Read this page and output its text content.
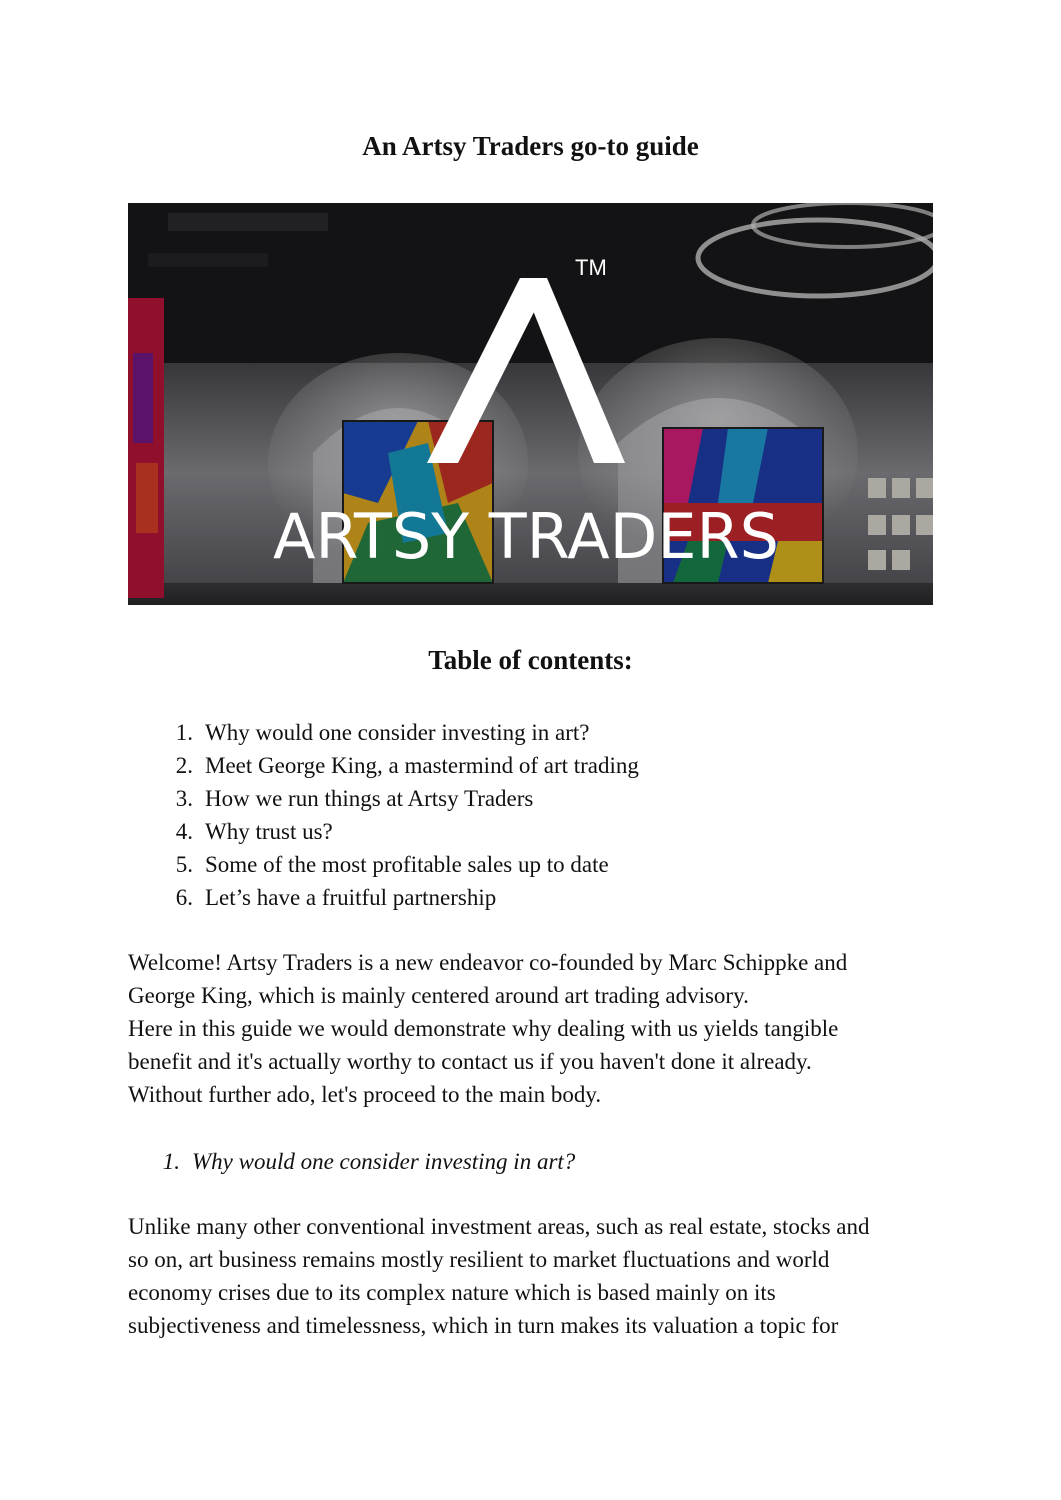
An Artsy Traders go-to guide
TM
ARTSY TRADERS
Table of contents:
1. Why would one consider investing in art?
2. Meet George King, a mastermind of art trading
3. How we run things at Artsy Traders
4. Why trust us?
5. Some of the most profitable sales up to date
6. Let’s have a fruitful partnership
Welcome! Artsy Traders is a new endeavor co-founded by Marc Schippke and
George King, which is mainly centered around art trading advisory.
Here in this guide we would demonstrate why dealing with us yields tangible
benefit and it's actually worthy to contact us if you haven't done it already.
Without further ado, let's proceed to the main body.
1. Why would one consider investing in art?
Unlike many other conventional investment areas, such as real estate, stocks and
so on, art business remains mostly resilient to market fluctuations and world
economy crises due to its complex nature which is based mainly on its
subjectiveness and timelessness, which in turn makes its valuation a topic for
